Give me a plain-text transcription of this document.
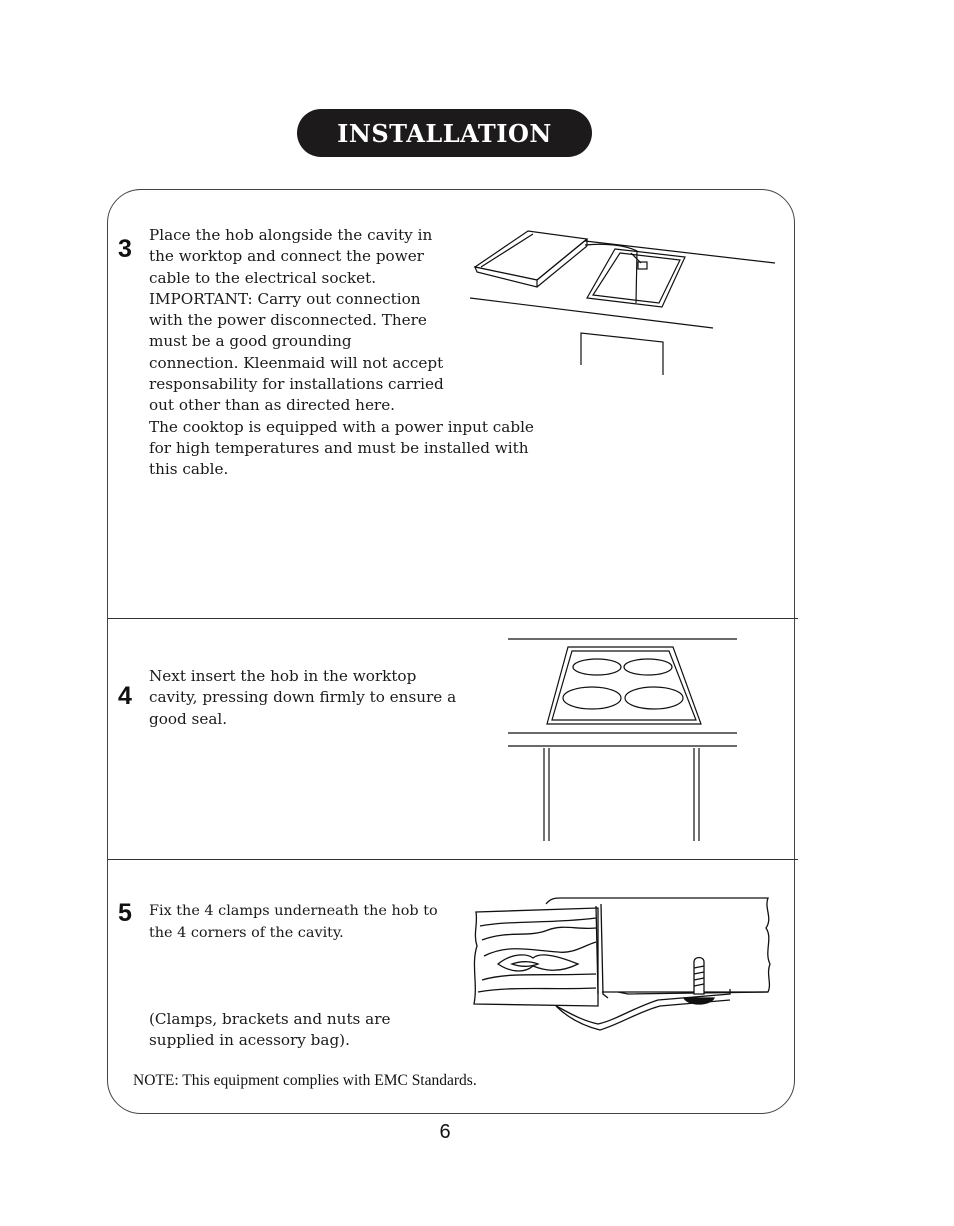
INSTALLATION
3 Place the hob alongside the cavity in
the worktop and connect the power
cable to the electrical socket.
IMPORTANT: Carry out connection
with the power disconnected. There
must be a good grounding
connection. Kleenmaid will not accept
responsability for installations carried
out other than as directed here.
The cooktop is equipped with a power input cable
for high temperatures and must be installed with
this cable.
4
Next insert the hob in the worktop
cavity, pressing down firmly to ensure a
good seal.
5 Fix the 4 clamps underneath the hob to
the 4 corners of the cavity.
(Clamps, brackets and nuts are
supplied in acessory bag).
NOTE: This equipment complies with EMC Standards.
6
